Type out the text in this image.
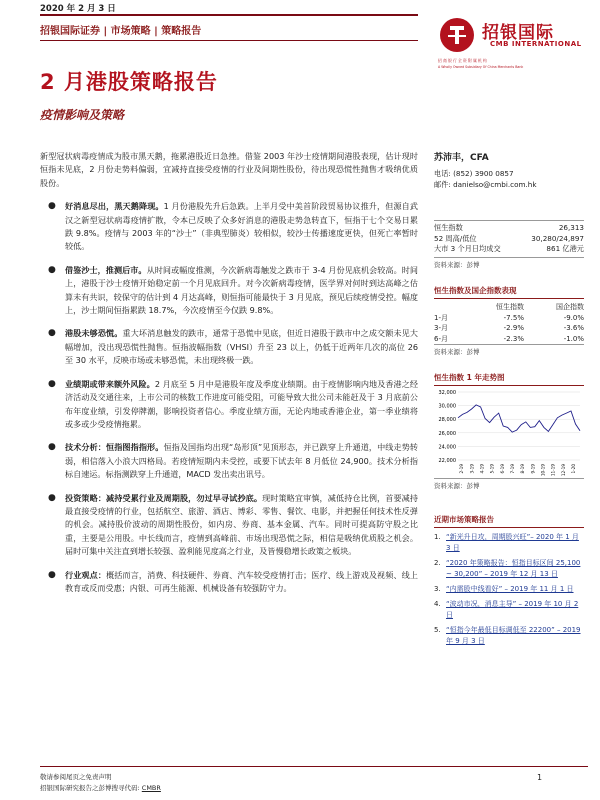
2020 年 2 月 3 日
招银国际证券 | 市场策略 | 策略报告	招银国际
CMB INTERNATIONAL
招 商 银 行 全 资 附 属 机 构
A Wholly Owned Subsidiary Of China Merchants Bank
2 月港股策略报告
疫情影响及策略

新型冠状病毒疫情成为股市黑天鹅，拖累港股近日急挫。借鉴 2003 年沙士疫情期间港股表现，估计现时恒指未见底，2 月份走势料偏弱，宜减持直接受疫情的行业及间期性股份，待出现恐慌性抛售才吸纳优质股份。

● 好消息尽出，黑天鹅降现。1 月份港股先升后急跌。上半月受中美首阶段贸易协议推升，但源自武汉之新型冠状病毒疫情扩散，令本已反映了众多好消息的港股走势急转直下，恒指于七个交易日累跌 9.8%。疫情与 2003 年的“沙士”（非典型肺炎）较相似，较沙士传播速度更快，但死亡率暂时较低。
● 借鉴沙士，推测后市。从时间或幅度推测，今次新病毒触发之跌市于 3-4 月份见底机会较高。时间上，港股于沙士疫情开始稳定前一个月见底回升。对今次新病毒疫情，医学界对何时到达高峰之估算未有共识，较保守的估计到 4 月达高峰，则恒指可能最快于 3 月见底，预见后续疫情受控。幅度上，沙士期间恒指累跌 18.7%，今次疫情至今仅跌 9.8%。
● 港股未够恐慌。重大坏消息触发的跌市，通常于恐慌中见底，但近日港股于跌市中之成交额未见大幅增加，没出现恐慌性抛售。恒指波幅指数（VHSI）升至 23 以上，仍低于近两年几次的高位 26 至 30 水平，反映市场或未够恐慌，未出现终极一跌。
● 业绩期或带来额外风险。2 月底至 5 月中是港股年度及季度业绩期。由于疫情影响内地及香港之经济活动及交通往来，上市公司的核数工作进度可能受阻，可能导致大批公司未能赶及于 3 月底前公布年度业绩，引发停牌潮，影响投资者信心。季度业绩方面，无论内地或香港企业，第一季业绩将或多或少受疫情拖累。
● 技术分析：恒指图指指形。恒指及国指均出现“岛形顶”见顶形态，并已跌穿上升通道，中线走势转弱，相信落入小浪大四格局。若疫情短期内未受控，或要下试去年 8 月低位 24,900。技术分析指标自速运。标指测跌穿上升通道，MACD 发出卖出讯号。
● 投资策略：减持受累行业及周期股，勿过早寻试抄底。现时策略宜审慎，减低持仓比例，首要减持最直接受疫情的行业，包括航空、旅游、酒店、博彩、零售、餐饮、电影，并把握任何技术性反弹的机会。减持股价波动的周期性股份，如内房、券商、基本金属、汽车。同时可提高防守股之比重，主要是公用股。中长线而言，疫情到高峰前、市场出现恐慌之际，相信是吸纳优质股之机会。届时可集中关注直到增长较强、盈利能见度高之行业，及皆慢稳增长政策之板块。
● 行业观点：概括而言，消费、科技硬件、券商、汽车较受疫情打击；医疗、线上游戏及视频、线上教育或反而受惠；内银、可再生能源、机械设备有较强防守力。
苏沛丰，CFA
电话: (852) 3900 0857
邮件: danielso@cmbi.com.hk
恒生指数	26,313
52 周高/低位	30,280/24,897
大市 3 个月日均成交	861 亿港元
资料来源：彭博
恒生指数及国企指数表现
	恒生指数	国企指数
1-月	-7.5%	-9.0%
3-月	-2.9%	-3.6%
6-月	-2.3%	-1.0%
资料来源：彭博
恒生指数 1 年走势图
22,000
24,000
26,000
28,000
30,000
32,000
2-19 3-19 4-19 5-19 6-19 7-19 8-19 9-19 10-19 11-19 12-19 1-20
资料来源：彭博
近期市场策略报告
1. “新光升日攻，周期股兴旺”– 2020 年 1 月 3 日
2. “2020 年策略报告：恒指目标区间 25,100 ~ 30,200” – 2019 年 12 月 13 日
3. “内需股中线看好” – 2019 年 11 月 1 日
4. “波动市况，消息主导” – 2019 年 10 月 2 日
5. “恒指今年最低目标调低至 22200” – 2019 年 9 月 3 日
敬请参阅尾页之免责声明
招银国际研究报告之彭博搜寻代码: CMBR
1
